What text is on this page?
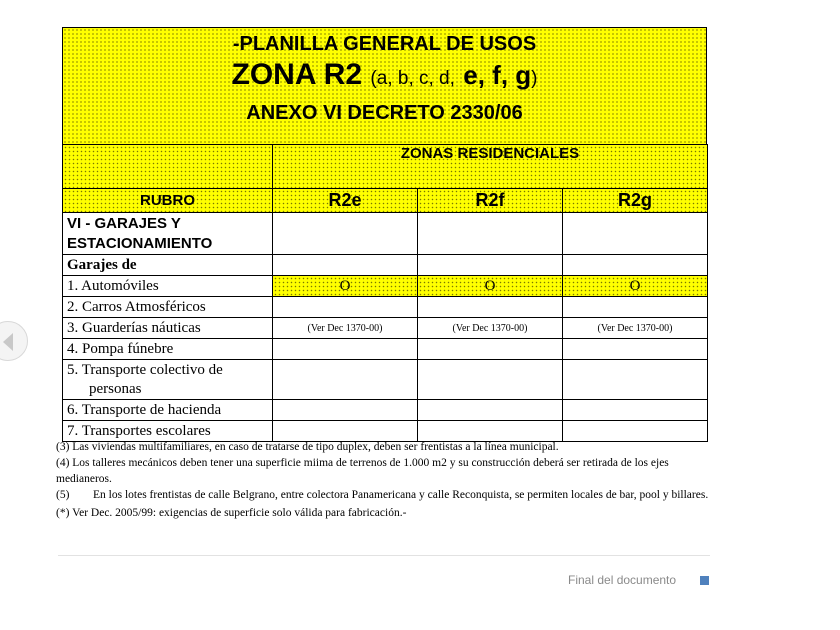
-PLANILLA GENERAL DE USOS
ZONA R2 (a, b, c, d, e, f, g)
ANEXO VI DECRETO 2330/06
	ZONAS RESIDENCIALES		
RUBRO	R2e	R2f	R2g
VI - GARAJES Y ESTACIONAMIENTO			
Garajes de			
1. Automóviles	O	O	O
2. Carros Atmosféricos			
3. Guarderías náuticas	(Ver Dec 1370-00)	(Ver Dec 1370-00)	(Ver Dec 1370-00)
4. Pompa fúnebre			

5. Transporte colectivo de
personas			

6. Transporte de hacienda			
7. Transportes escolares			

(3) Las viviendas multifamiliares, en caso de tratarse de tipo duplex, deben ser frentistas a la línea municipal.

(4) Los talleres mecánicos deben tener una superficie miima de terrenos de 1.000 m2 y su construcción deberá ser retirada de los ejes medianeros.

(5)	En los lotes frentistas de calle Belgrano, entre colectora Panamericana y calle Reconquista, se permiten locales de bar, pool y billares.

(*) Ver Dec. 2005/99: exigencias de superficie solo válida para fabricación.-

Final del documento
